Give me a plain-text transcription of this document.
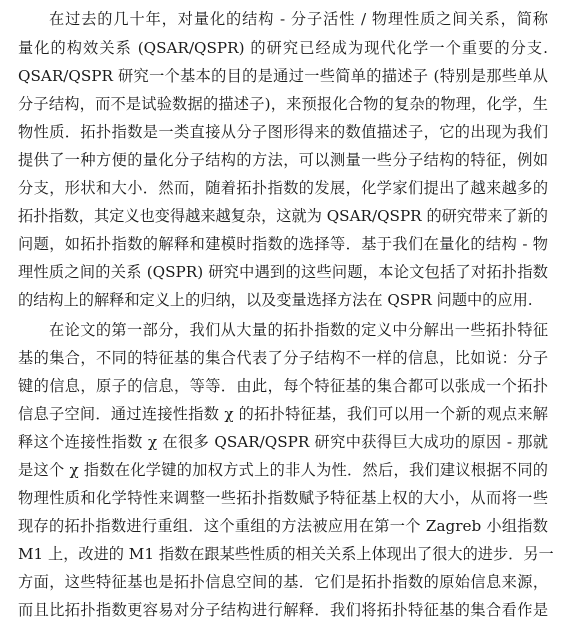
在过去的几十年，对量化的结构 - 分子活性 / 物理性质之间关系，简称
量化的构效关系 (QSAR/QSPR) 的研究已经成为现代化学一个重要的分支.
QSAR/QSPR 研究一个基本的目的是通过一些简单的描述子 (特别是那些单从
分子结构，而不是试验数据的描述子)，来预报化合物的复杂的物理，化学，生
物性质．拓扑指数是一类直接从分子图形得来的数值描述子，它的出现为我们
提供了一种方便的量化分子结构的方法，可以测量一些分子结构的特征，例如
分支，形状和大小．然而，随着拓扑指数的发展，化学家们提出了越来越多的
拓扑指数，其定义也变得越来越复杂，这就为 QSAR/QSPR 的研究带来了新的
问题，如拓扑指数的解释和建模时指数的选择等．基于我们在量化的结构 - 物
理性质之间的关系 (QSPR) 研究中遇到的这些问题，本论文包括了对拓扑指数
的结构上的解释和定义上的归纳，以及变量选择方法在 QSPR 问题中的应用.
在论文的第一部分，我们从大量的拓扑指数的定义中分解出一些拓扑特征
基的集合，不同的特征基的集合代表了分子结构不一样的信息，比如说：分子
键的信息，原子的信息，等等．由此，每个特征基的集合都可以张成一个拓扑
信息子空间．通过连接性指数 χ 的拓扑特征基，我们可以用一个新的观点来解
释这个连接性指数 χ 在很多 QSAR/QSPR 研究中获得巨大成功的原因 - 那就
是这个 χ 指数在化学键的加权方式上的非人为性．然后，我们建议根据不同的
物理性质和化学特性来调整一些拓扑指数赋予特征基上权的大小，从而将一些
现存的拓扑指数进行重组．这个重组的方法被应用在第一个 Zagreb 小组指数
M1 上，改进的 M1 指数在跟某些性质的相关关系上体现出了很大的进步．另一
方面，这些特征基也是拓扑信息空间的基．它们是拓扑指数的原始信息来源，
而且比拓扑指数更容易对分子结构进行解释．我们将拓扑特征基的集合看作是
